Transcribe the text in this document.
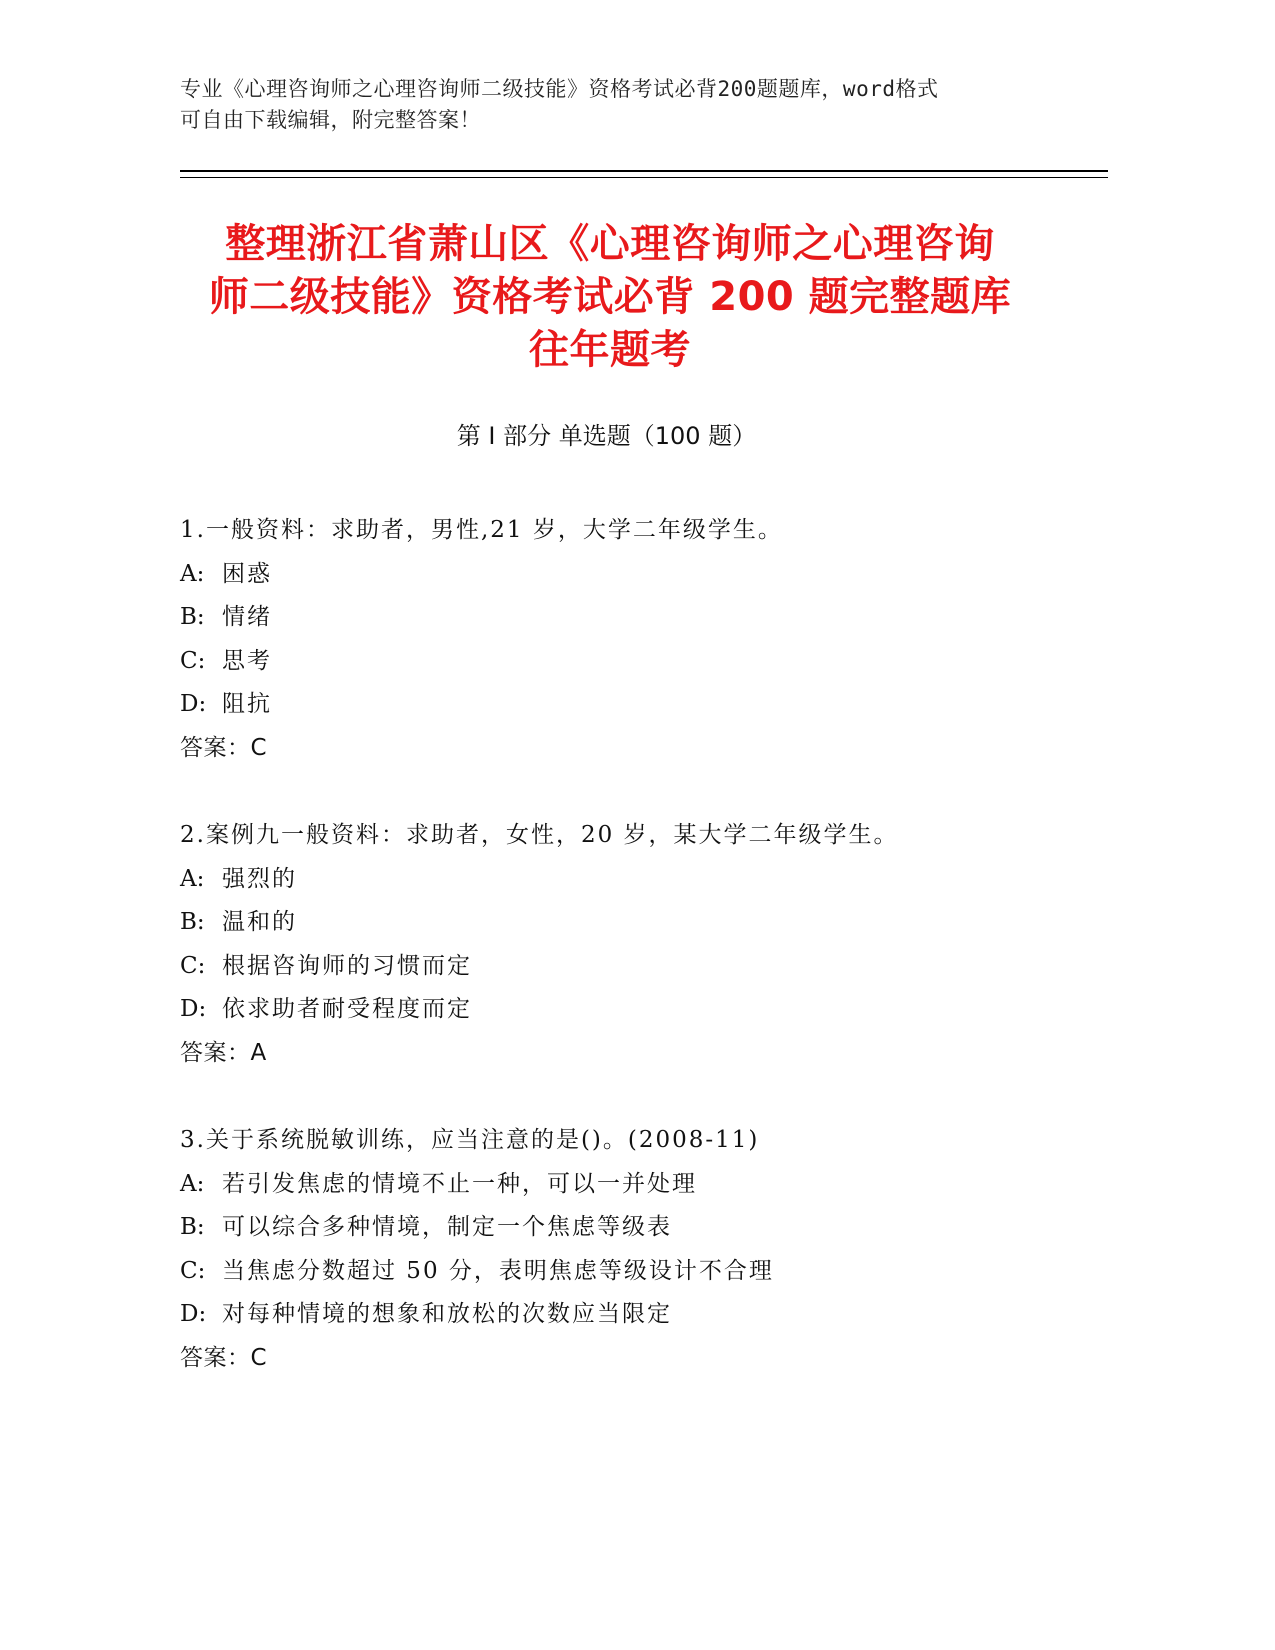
专业《心理咨询师之心理咨询师二级技能》资格考试必背200题题库，word格式
可自由下载编辑，附完整答案！
整理浙江省萧山区《心理咨询师之心理咨询
师二级技能》资格考试必背 200 题完整题库
往年题考
第 I 部分 单选题（100 题）
1.一般资料：求助者，男性,21 岁，大学二年级学生。
A: 困惑
B: 情绪
C: 思考
D: 阻抗
答案：C
2.案例九一般资料：求助者，女性，20 岁，某大学二年级学生。
A: 强烈的
B: 温和的
C: 根据咨询师的习惯而定
D: 依求助者耐受程度而定
答案：A
3.关于系统脱敏训练，应当注意的是()。(2008-11)
A: 若引发焦虑的情境不止一种，可以一并处理
B: 可以综合多种情境，制定一个焦虑等级表
C: 当焦虑分数超过 50 分，表明焦虑等级设计不合理
D: 对每种情境的想象和放松的次数应当限定
答案：C
